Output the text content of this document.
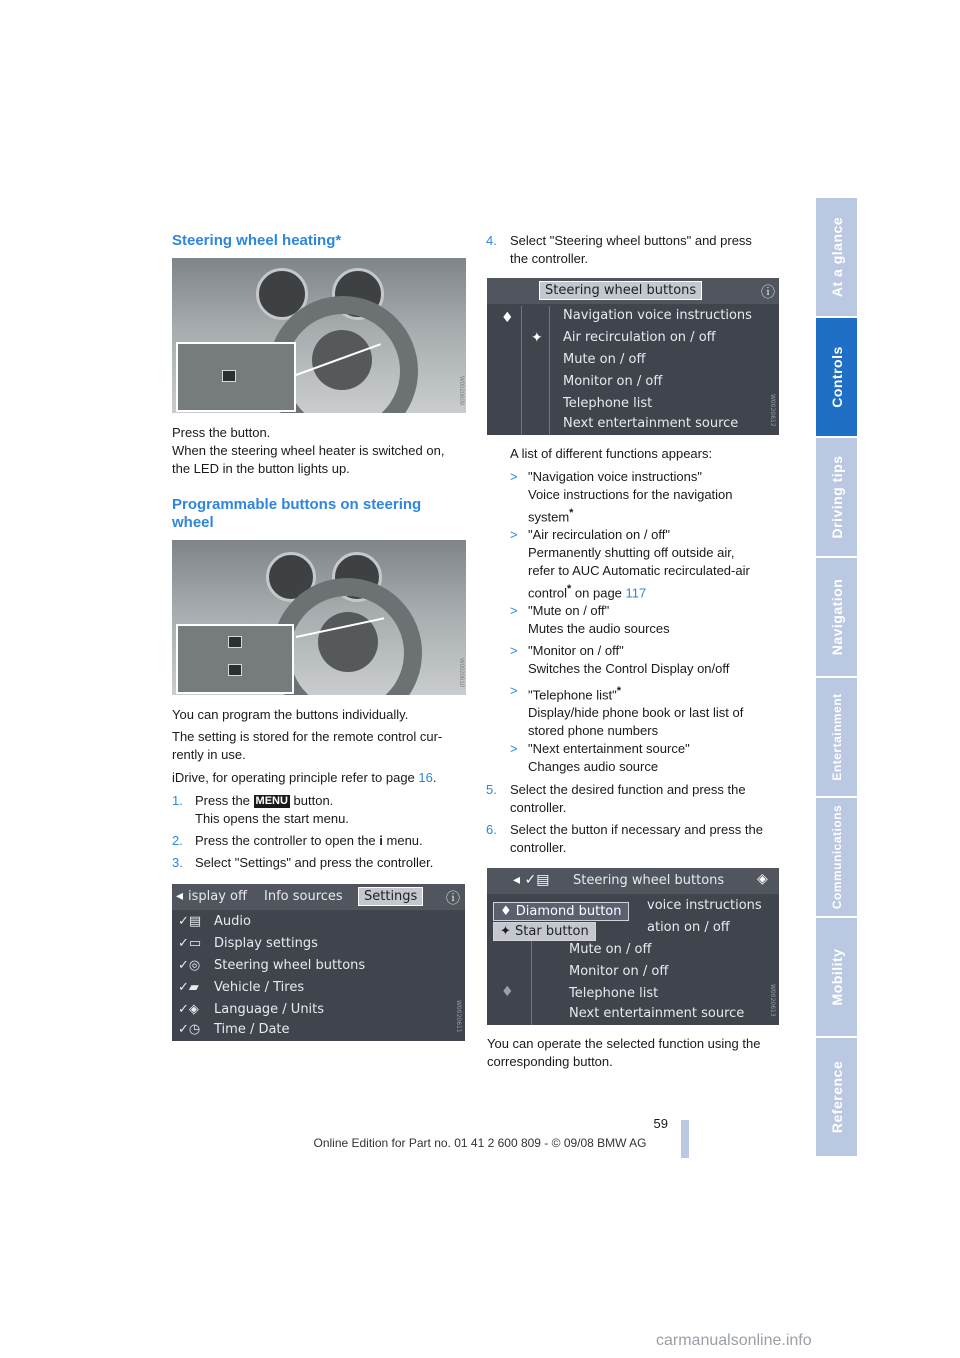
At a glance
Controls
Driving tips
Navigation
Entertainment
Communications
Mobility
Reference
Steering wheel heating*
W0020609
Press the button.
When the steering wheel heater is switched on,
the LED in the button lights up.
Programmable buttons on steering
wheel
W0020610
You can program the buttons individually.
The setting is stored for the remote control cur-
rently in use.
iDrive, for operating principle refer to page 16.
1. Press the MENU button.
This opens the start menu.
2. Press the controller to open the i menu.
3. Select "Settings" and press the controller.
◂ isplay off Info sources	Settings	ⓘ
✓▤ Audio
✓▭ Display settings
✓◎ Steering wheel buttons
✓▰ Vehicle / Tires
✓◈ Language / Units
✓◷ Time / Date	W0020611
4. Select "Steering wheel buttons" and press
the controller.
Steering wheel buttons	ⓘ
♦
✦
Navigation voice instructions
Air recirculation on / off
Mute on / off
Monitor on / off
Telephone list
Next entertainment source	W0020612
A list of different functions appears:
> "Navigation voice instructions"
Voice instructions for the navigation
system*
> "Air recirculation on / off"
Permanently shutting off outside air,
refer to AUC Automatic recirculated-air
control* on page 117
> "Mute on / off"
Mutes the audio sources
> "Monitor on / off"
Switches the Control Display on/off
> "Telephone list"*
Display/hide phone book or last list of
stored phone numbers
> "Next entertainment source"
Changes audio source
5. Select the desired function and press the
controller.
6. Select the button if necessary and press the
controller.
◂ ✓▤ Steering wheel buttons ◈
♦ Diamond button
✦ Star button
voice instructions
ation on / off
Mute on / off
Monitor on / off
Telephone list
Next entertainment source
♦	W0020613
You can operate the selected function using the
corresponding button.
59
Online Edition for Part no. 01 41 2 600 809 - © 09/08 BMW AG
carmanualsonline.info
